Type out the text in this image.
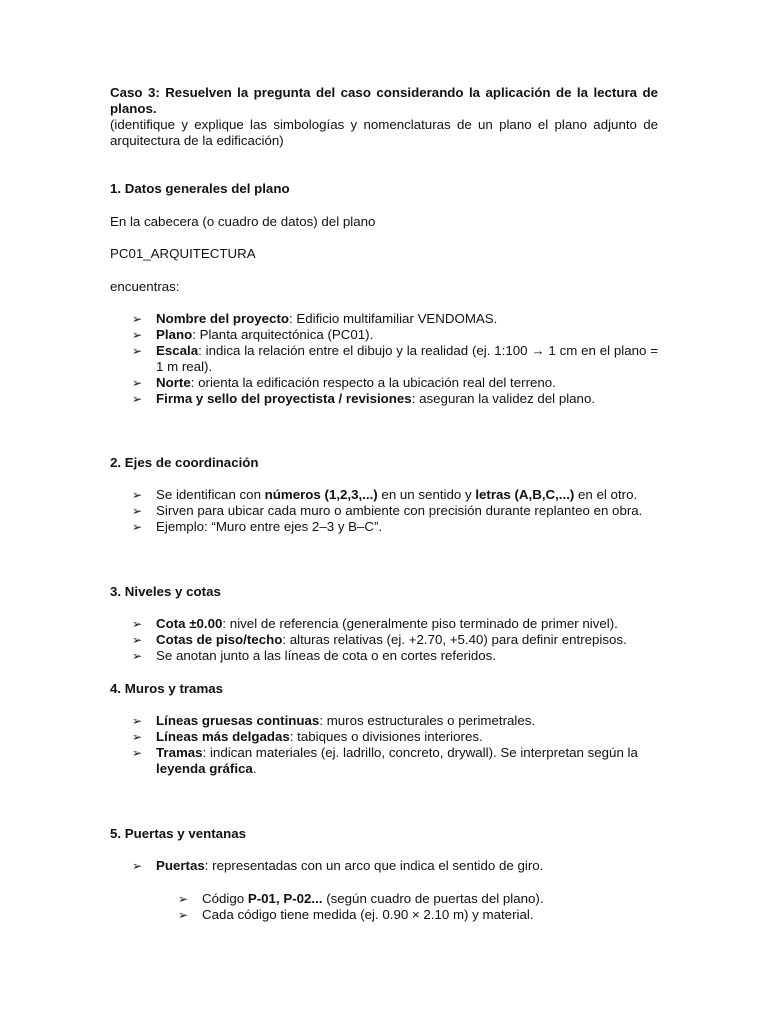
Caso 3: Resuelven la pregunta del caso considerando la aplicación de la lectura de
planos.

(identifique y explique las simbologías y nomenclaturas de un plano el plano adjunto de
arquitectura de la edificación)

1. Datos generales del plano

En la cabecera (o cuadro de datos) del plano

PC01_ARQUITECTURA

encuentras:

➢ Nombre del proyecto: Edificio multifamiliar VENDOMAS.
➢ Plano: Planta arquitectónica (PC01).
➢ Escala: indica la relación entre el dibujo y la realidad (ej. 1:100 → 1 cm en el plano = 1 m real).
➢ Norte: orienta la edificación respecto a la ubicación real del terreno.
➢ Firma y sello del proyectista / revisiones: aseguran la validez del plano.
2. Ejes de coordinación
➢ Se identifican con números (1,2,3,...) en un sentido y letras (A,B,C,...) en el otro.
➢ Sirven para ubicar cada muro o ambiente con precisión durante replanteo en obra.
➢ Ejemplo: “Muro entre ejes 2–3 y B–C”.
3. Niveles y cotas
➢ Cota ±0.00: nivel de referencia (generalmente piso terminado de primer nivel).
➢ Cotas de piso/techo: alturas relativas (ej. +2.70, +5.40) para definir entrepisos.
➢ Se anotan junto a las líneas de cota o en cortes referidos.
4. Muros y tramas
➢ Líneas gruesas continuas: muros estructurales o perimetrales.
➢ Líneas más delgadas: tabiques o divisiones interiores.
➢ Tramas: indican materiales (ej. ladrillo, concreto, drywall). Se interpretan según la leyenda gráfica.
5. Puertas y ventanas
➢ Puertas: representadas con un arco que indica el sentido de giro.
➢ Código P-01, P-02... (según cuadro de puertas del plano).
➢ Cada código tiene medida (ej. 0.90 × 2.10 m) y material.
